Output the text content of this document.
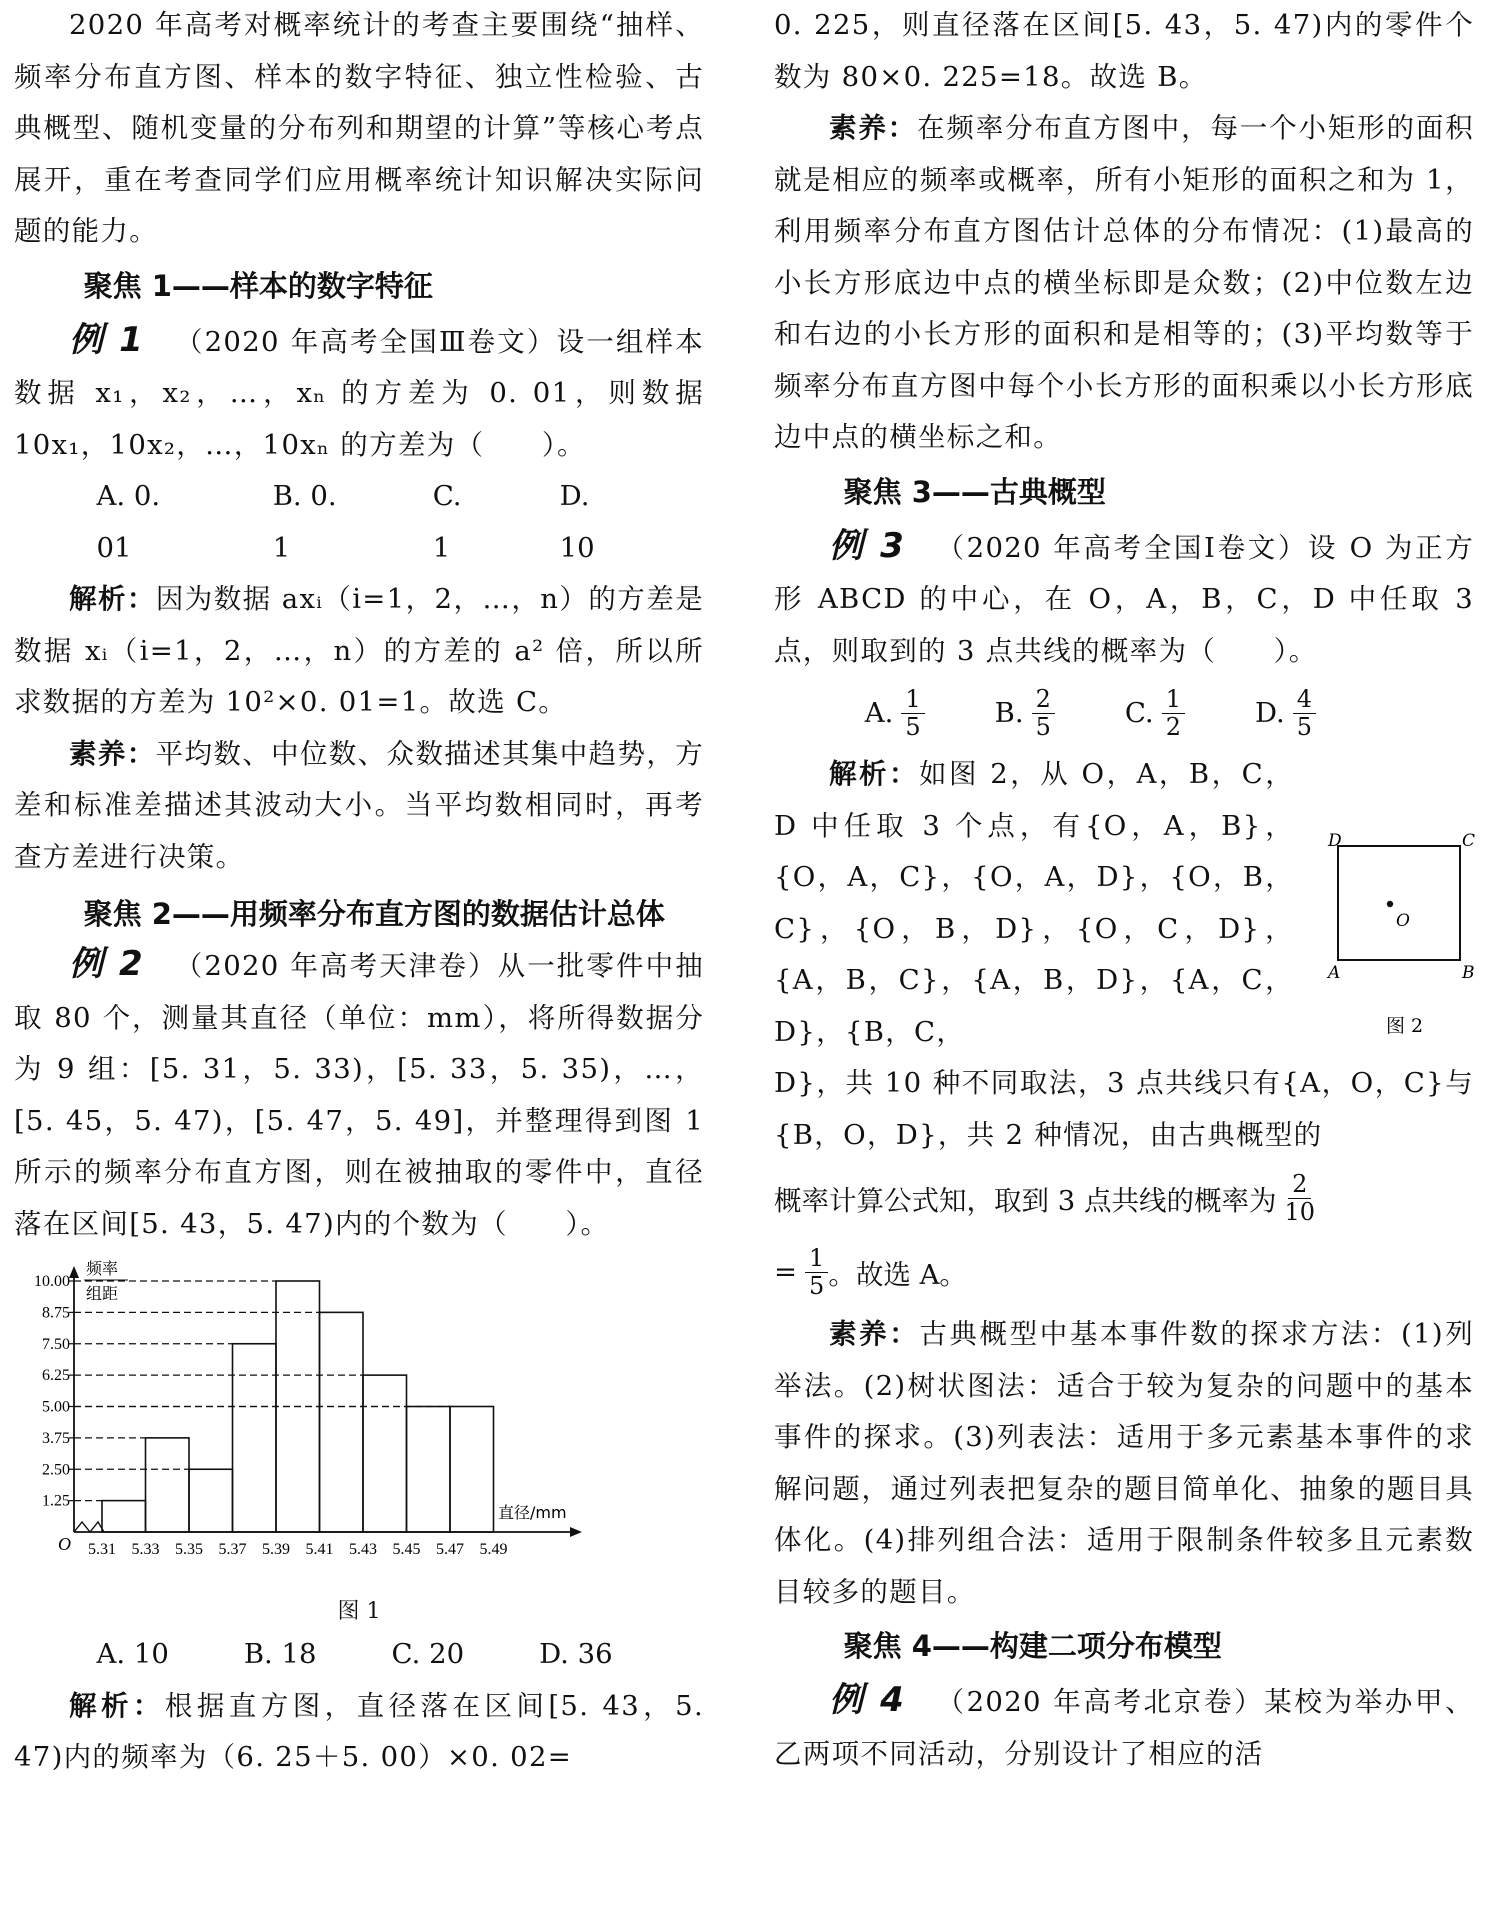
2020 年高考对概率统计的考查主要围绕“抽样、频率分布直方图、样本的数字特征、独立性检验、古典概型、随机变量的分布列和期望的计算”等核心考点展开，重在考查同学们应用概率统计知识解决实际问题的能力。

聚焦 1——样本的数字特征

例 1 （2020 年高考全国Ⅲ卷文）设一组样本数据 x₁，x₂，…，xₙ 的方差为 0. 01，则数据 10x₁，10x₂，…，10xₙ 的方差为（　　）。

A. 0. 01
B. 0. 1
C. 1
D. 10

解析：因为数据 axᵢ（i=1，2，…，n）的方差是数据 xᵢ（i=1，2，…，n）的方差的 a² 倍，所以所求数据的方差为 10²×0. 01=1。故选 C。

素养：平均数、中位数、众数描述其集中趋势，方差和标准差描述其波动大小。当平均数相同时，再考查方差进行决策。

聚焦 2——用频率分布直方图的数据估计总体

例 2 （2020 年高考天津卷）从一批零件中抽取 80 个，测量其直径（单位：mm），将所得数据分为 9 组：[5. 31，5. 33)，[5. 33，5. 35)，…，[5. 45，5. 47)，[5. 47，5. 49]，并整理得到图 1 所示的频率分布直方图，则在被抽取的零件中，直径落在区间[5. 43，5. 47)内的个数为（　　）。

O
频率
组距
直径/mm
1.25
2.50
3.75
5.00
6.25
7.50
8.75
10.00
5.31 5.33 5.35 5.37 5.39 5.41 5.43 5.45 5.47 5.49
图 1
A. 10	B. 18	C. 20	D. 36

解析：根据直方图，直径落在区间[5. 43，5. 47)内的频率为（6. 25＋5. 00）×0. 02=

0. 225，则直径落在区间[5. 43，5. 47)内的零件个数为 80×0. 225=18。故选 B。

素养：在频率分布直方图中，每一个小矩形的面积就是相应的频率或概率，所有小矩形的面积之和为 1，利用频率分布直方图估计总体的分布情况：(1)最高的小长方形底边中点的横坐标即是众数；(2)中位数左边和右边的小长方形的面积和是相等的；(3)平均数等于频率分布直方图中每个小长方形的面积乘以小长方形底边中点的横坐标之和。

聚焦 3——古典概型

例 3 （2020 年高考全国Ⅰ卷文）设 O 为正方形 ABCD 的中心，在 O，A，B，C，D 中任取 3 点，则取到的 3 点共线的概率为（　　）。

A. $\frac{1}{5}$	B. $\frac{2}{5}$	C. $\frac{1}{2}$	D. $\frac{4}{5}$

解析：如图 2，从 O，A，B，C，D 中任取 3 个点，有{O，A，B}，{O，A，C}，{O，A，D}，{O，B，C}，{O，B，D}，{O，C，D}，{A，B，C}，{A，B，D}，{A，C，D}，{B，C，

D}，共 10 种不同取法，3 点共线只有{A，O，C}与{B，O，D}，共 2 种情况，由古典概型的

概率计算公式知，取到 3 点共线的概率为 $\frac{2}{10}$
= $\frac{1}{5}$ 。故选 A。

素养：古典概型中基本事件数的探求方法：(1)列举法。(2)树状图法：适合于较为复杂的问题中的基本事件的探求。(3)列表法：适用于多元素基本事件的求解问题，通过列表把复杂的题目简单化、抽象的题目具体化。(4)排列组合法：适用于限制条件较多且元素数目较多的题目。

聚焦 4——构建二项分布模型

例 4 （2020 年高考北京卷）某校为举办甲、乙两项不同活动，分别设计了相应的活

D	C
A	B
O
图 2
